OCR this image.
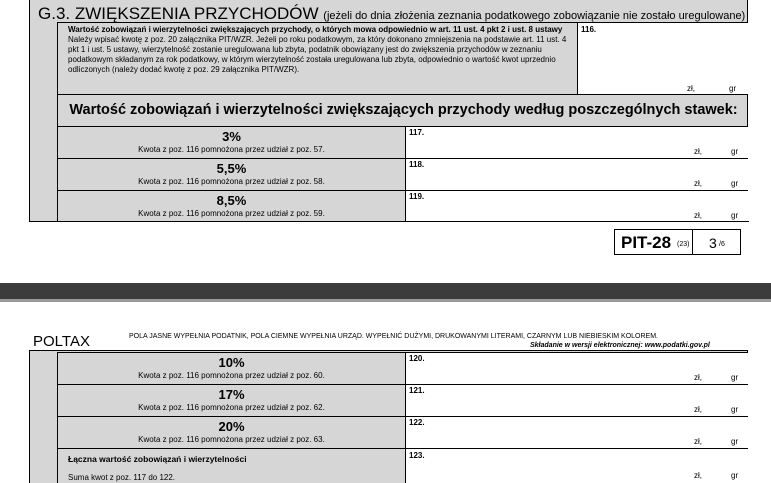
G.3. ZWIĘKSZENIA PRZYCHODÓW (jeżeli do dnia złożenia zeznania podatkowego zobowiązanie nie zostało uregulowane)
Wartość zobowiązań i wierzytelności zwiększających przychody, o których mowa odpowiednio w art. 11 ust. 4 pkt 2 i ust. 8 ustawy Należy wpisać kwotę z poz. 20 załącznika PIT/WZR. Jeżeli po roku podatkowym, za który dokonano zmniejszenia na podstawie art. 11 ust. 4 pkt 1 i ust. 5 ustawy, wierzytelność zostanie uregulowana lub zbyta, podatnik obowiązany jest do zwiększenia przychodów w zeznaniu podatkowym składanym za rok podatkowy, w którym wierzytelność została uregulowana lub zbyta, odpowiednio o wartość kwot uprzednio odliczonych (należy dodać kwotę z poz. 29 załącznika PIT/WZR).
116.
zł,	gr
Wartość zobowiązań i wierzytelności zwiększających przychody według poszczególnych stawek:
3%
Kwota z poz. 116 pomnożona przez udział z poz. 57.
117.
zł,	gr
5,5%
Kwota z poz. 116 pomnożona przez udział z poz. 58.
118.
zł,	gr
8,5%
Kwota z poz. 116 pomnożona przez udział z poz. 59.
119.
zł,	gr
PIT-28 (23) 3 /6
POLTAX	POLA JASNE WYPEŁNIA PODATNIK, POLA CIEMNE WYPEŁNIA URZĄD. WYPEŁNIĆ DUŻYMI, DRUKOWANYMI LITERAMI, CZARNYM LUB NIEBIESKIM KOLOREM.
Składanie w wersji elektronicznej: www.podatki.gov.pl
10%
Kwota z poz. 116 pomnożona przez udział z poz. 60.
120.
zł,	gr
17%
Kwota z poz. 116 pomnożona przez udział z poz. 62.
121.
zł,	gr
20%
Kwota z poz. 116 pomnożona przez udział z poz. 63.
122.
zł,	gr
Łączna wartość zobowiązań i wierzytelności
Suma kwot z poz. 117 do 122.
123.
zł,	gr
